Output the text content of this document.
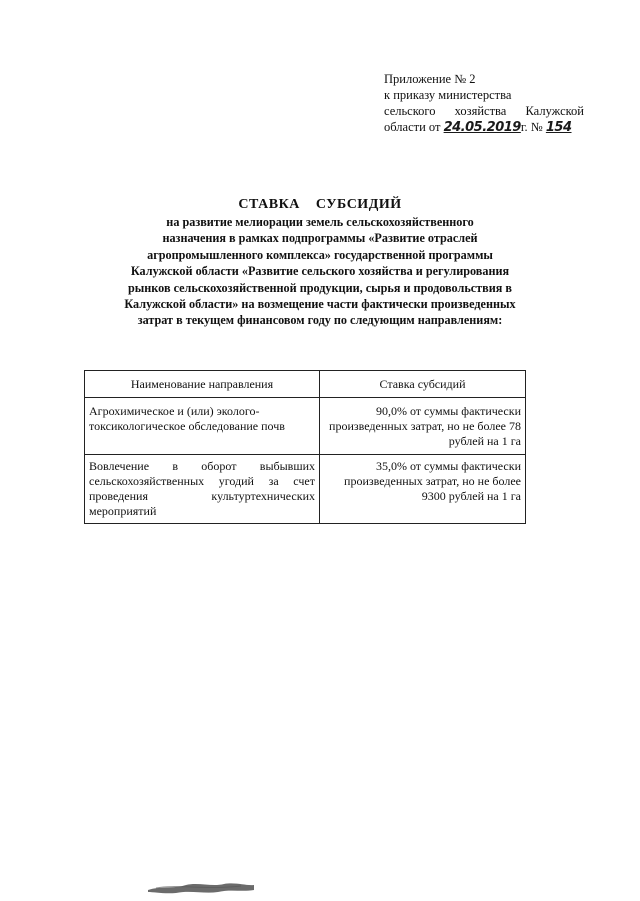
Приложение № 2
к приказу министерства
сельского хозяйства Калужской
области от 24.05.2019г. № 154
СТАВКА СУБСИДИЙ
на развитие мелиорации земель сельскохозяйственного
назначения в рамках подпрограммы «Развитие отраслей
агропромышленного комплекса» государственной программы
Калужской области «Развитие сельского хозяйства и регулирования
рынков сельскохозяйственной продукции, сырья и продовольствия в
Калужской области» на возмещение части фактически произведенных
затрат в текущем финансовом году по следующим направлениям:
Наименование направления	Ставка субсидий
Агрохимическое и (или) эколого-токсикологическое обследование почв	90,0% от суммы фактически произведенных затрат, но не более 78 рублей на 1 га
Вовлечение в оборот выбывших сельскохозяйственных угодий за счет проведения культуртехнических мероприятий	35,0% от суммы фактически произведенных затрат, но не более 9300 рублей на 1 га
